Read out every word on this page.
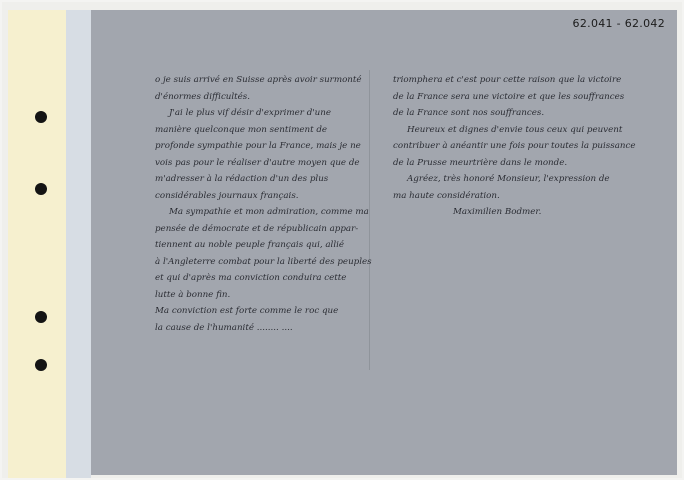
62.041 - 62.042
o je suis arrivé en Suisse après avoir surmonté
d'énormes difficultés.
J'ai le plus vif désir d'exprimer d'une
manière quelconque mon sentiment de
profonde sympathie pour la France, mais je ne
vois pas pour le réaliser d'autre moyen que de
m'adresser à la rédaction d'un des plus
considérables journaux français.
Ma sympathie et mon admiration, comme ma
pensée de démocrate et de républicain appar-
tiennent au noble peuple français qui, allié
à l'Angleterre combat pour la liberté des peuples
et qui d'après ma conviction conduira cette
lutte à bonne fin.
Ma conviction est forte comme le roc que
la cause de l'humanité ........ ....
triomphera et c'est pour cette raison que la victoire
de la France sera une victoire et que les souffrances
de la France sont nos souffrances.
Heureux et dignes d'envie tous ceux qui peuvent
contribuer à anéantir une fois pour toutes la puissance
de la Prusse meurtrière dans le monde.
Agréez, très honoré Monsieur, l'expression de
ma haute considération.
Maximilien Bodmer.
